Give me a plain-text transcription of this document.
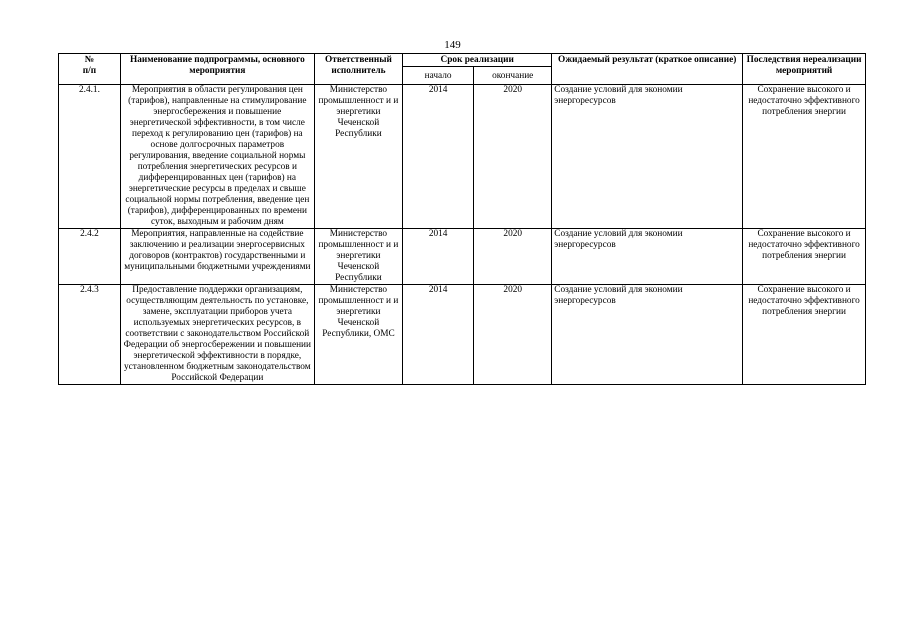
149
№
п/п	Наименование подпрограммы, основного мероприятия	Ответственный исполнитель	Срок реализации		Ожидаемый результат (краткое описание)	Последствия нереализации мероприятий
			начало	окончание		
2.4.1.	Мероприятия в области регулирования цен (тарифов), направленные на стимулирование энергосбережения и повышение энергетической эффективности, в том числе переход к регулированию цен (тарифов) на основе долгосрочных параметров регулирования, введение социальной нормы потребления энергетических ресурсов и дифференцированных цен (тарифов) на энергетические ресурсы в пределах и свыше социальной нормы потребления, введение цен (тарифов), дифференцированных по времени суток, выходным и рабочим дням	Министерство промышленност и и энергетики Чеченской Республики	2014	2020	Создание условий для экономии энергоресурсов	Сохранение высокого и недостаточно эффективного потребления энергии
2.4.2	Мероприятия, направленные на содействие заключению и реализации энергосервисных договоров (контрактов) государственными и муниципальными бюджетными учреждениями	Министерство промышленност и и энергетики Чеченской Республики	2014	2020	Создание условий для экономии энергоресурсов	Сохранение высокого и недостаточно эффективного потребления энергии
2.4.3	Предоставление поддержки организациям, осуществляющим деятельность по установке, замене, эксплуатации приборов учета используемых энергетических ресурсов, в соответствии с законодательством Российской Федерации об энергосбережении и повышении энергетической эффективности в порядке, установленном бюджетным законодательством Российской Федерации	Министерство промышленност и и энергетики Чеченской Республики, ОМС	2014	2020	Создание условий для экономии энергоресурсов	Сохранение высокого и недостаточно эффективного потребления энергии
